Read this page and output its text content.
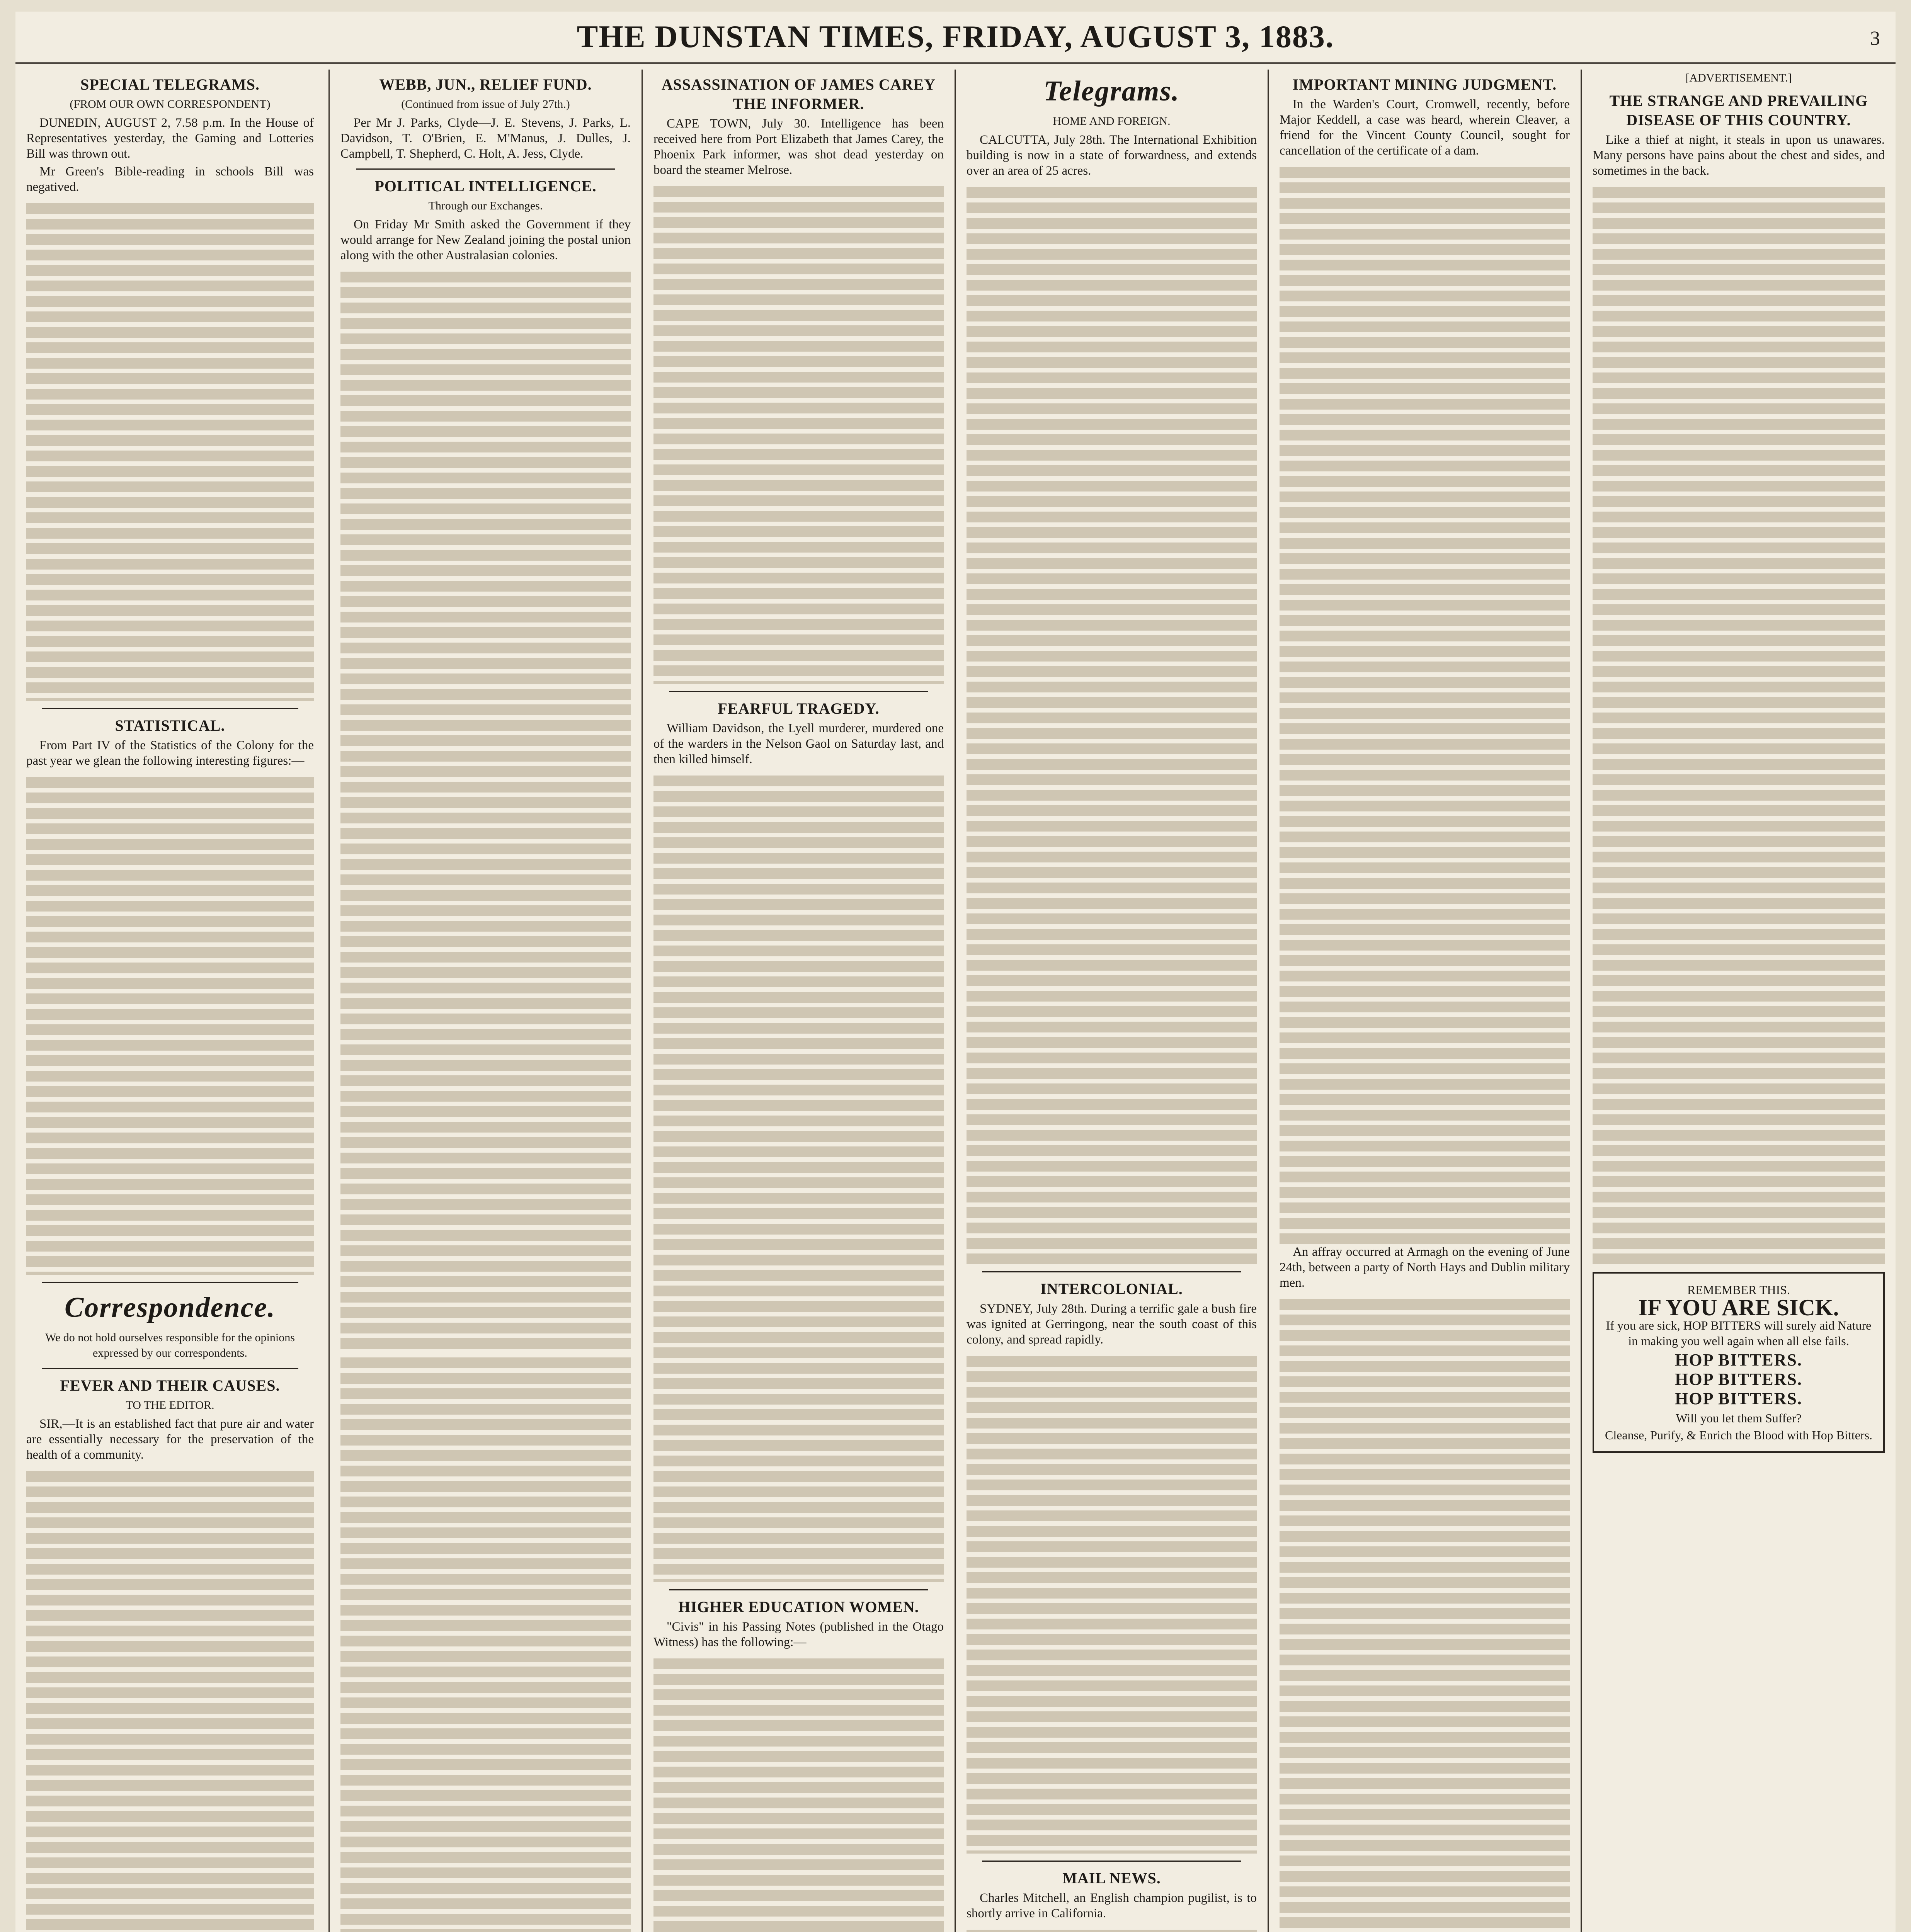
THE DUNSTAN TIMES, FRIDAY, AUGUST 3, 1883.	3
SPECIAL TELEGRAMS.
(FROM OUR OWN CORRESPONDENT)

DUNEDIN, AUGUST 2, 7.58 p.m. In the House of Representatives yesterday, the Gaming and Lotteries Bill was thrown out.

Mr Green's Bible-reading in schools Bill was negatived.

STATISTICAL.

From Part IV of the Statistics of the Colony for the past year we glean the following interesting figures:—

Correspondence.
We do not hold ourselves responsible for the opinions expressed by our correspondents.
FEVER AND THEIR CAUSES.
TO THE EDITOR.

SIR,—It is an established fact that pure air and water are essentially necessary for the preservation of the health of a community.

WEBB, JUN., RELIEF FUND.
(Continued from issue of July 27th.)

Per Mr J. Parks, Clyde—J. E. Stevens, J. Parks, L. Davidson, T. O'Brien, E. M'Manus, J. Dulles, J. Campbell, T. Shepherd, C. Holt, A. Jess, Clyde.

POLITICAL INTELLIGENCE.
Through our Exchanges.

On Friday Mr Smith asked the Government if they would arrange for New Zealand joining the postal union along with the other Australasian colonies.

ASSASSINATION OF JAMES CAREY THE INFORMER.

CAPE TOWN, July 30. Intelligence has been received here from Port Elizabeth that James Carey, the Phoenix Park informer, was shot dead yesterday on board the steamer Melrose.

FEARFUL TRAGEDY.

William Davidson, the Lyell murderer, murdered one of the warders in the Nelson Gaol on Saturday last, and then killed himself.

HIGHER EDUCATION WOMEN.

"Civis" in his Passing Notes (published in the Otago Witness) has the following:—

Telegrams.
HOME AND FOREIGN.

CALCUTTA, July 28th. The International Exhibition building is now in a state of forwardness, and extends over an area of 25 acres.

INTERCOLONIAL.

SYDNEY, July 28th. During a terrific gale a bush fire was ignited at Gerringong, near the south coast of this colony, and spread rapidly.

MAIL NEWS.

Charles Mitchell, an English champion pugilist, is to shortly arrive in California.

IMPORTANT MINING JUDGMENT.

In the Warden's Court, Cromwell, recently, before Major Keddell, a case was heard, wherein Cleaver, a friend for the Vincent County Council, sought for cancellation of the certificate of a dam.

An affray occurred at Armagh on the evening of June 24th, between a party of North Hays and Dublin military men.

[ADVERTISEMENT.]
THE STRANGE AND PREVAILING DISEASE OF THIS COUNTRY.

Like a thief at night, it steals in upon us unawares. Many persons have pains about the chest and sides, and sometimes in the back.

REMEMBER THIS.
IF YOU ARE SICK.
If you are sick, HOP BITTERS will surely aid Nature in making you well again when all else fails.
HOP BITTERS.
HOP BITTERS.
HOP BITTERS.
Will you let them Suffer?
Cleanse, Purify, & Enrich the Blood with Hop Bitters.
